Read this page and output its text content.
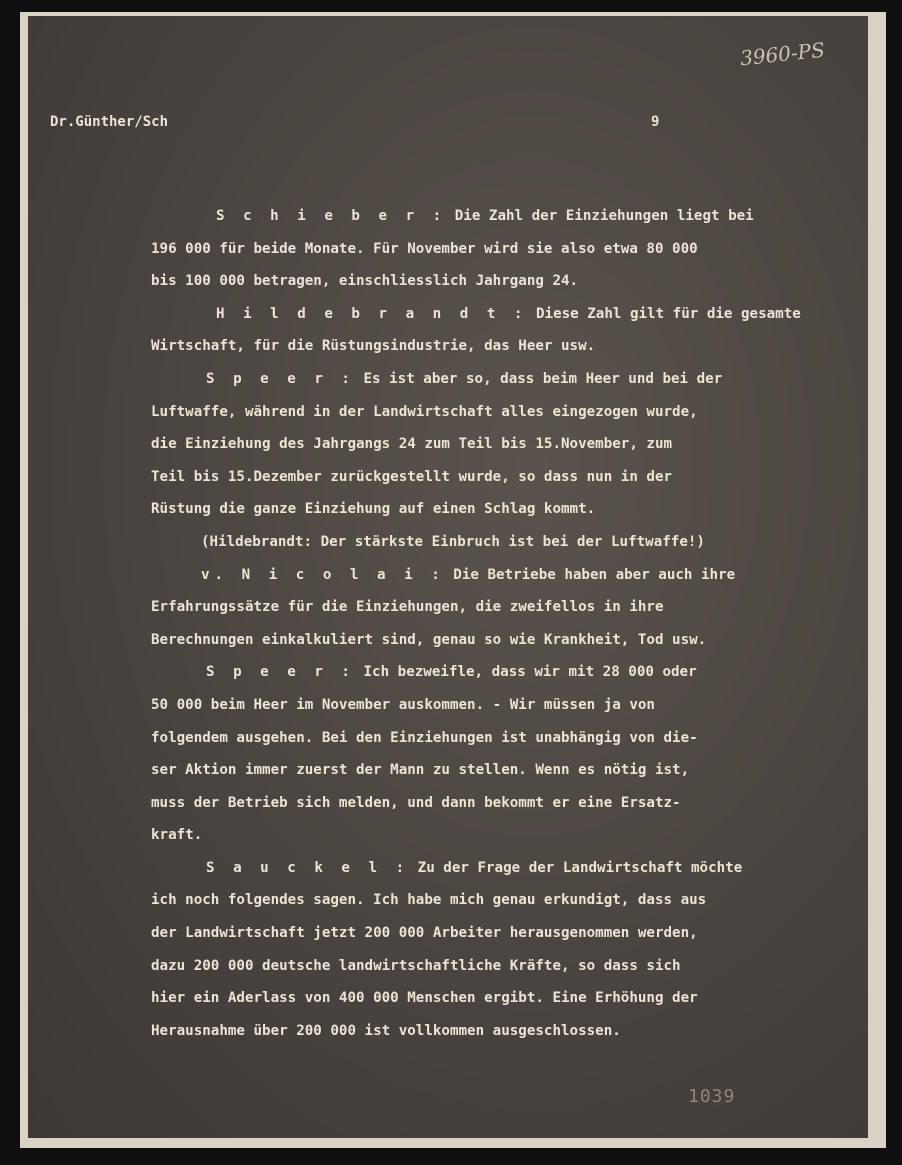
3960-PS
Dr.Günther/Sch	9
S c h i e b e r : Die Zahl der Einziehungen liegt bei
196 000 für beide Monate. Für November wird sie also etwa 80 000
bis 100 000 betragen, einschliesslich Jahrgang 24.
H i l d e b r a n d t : Diese Zahl gilt für die gesamte
Wirtschaft, für die Rüstungsindustrie, das Heer usw.
S p e e r : Es ist aber so, dass beim Heer und bei der
Luftwaffe, während in der Landwirtschaft alles eingezogen wurde,
die Einziehung des Jahrgangs 24 zum Teil bis 15.November, zum
Teil bis 15.Dezember zurückgestellt wurde, so dass nun in der
Rüstung die ganze Einziehung auf einen Schlag kommt.
(Hildebrandt: Der stärkste Einbruch ist bei der Luftwaffe!)
v. N i c o l a i : Die Betriebe haben aber auch ihre
Erfahrungssätze für die Einziehungen, die zweifellos in ihre
Berechnungen einkalkuliert sind, genau so wie Krankheit, Tod usw.
S p e e r : Ich bezweifle, dass wir mit 28 000 oder
50 000 beim Heer im November auskommen. - Wir müssen ja von
folgendem ausgehen. Bei den Einziehungen ist unabhängig von die-
ser Aktion immer zuerst der Mann zu stellen. Wenn es nötig ist,
muss der Betrieb sich melden, und dann bekommt er eine Ersatz-
kraft.
S a u c k e l : Zu der Frage der Landwirtschaft möchte
ich noch folgendes sagen. Ich habe mich genau erkundigt, dass aus
der Landwirtschaft jetzt 200 000 Arbeiter herausgenommen werden,
dazu 200 000 deutsche landwirtschaftliche Kräfte, so dass sich
hier ein Aderlass von 400 000 Menschen ergibt. Eine Erhöhung der
Herausnahme über 200 000 ist vollkommen ausgeschlossen.
1039
